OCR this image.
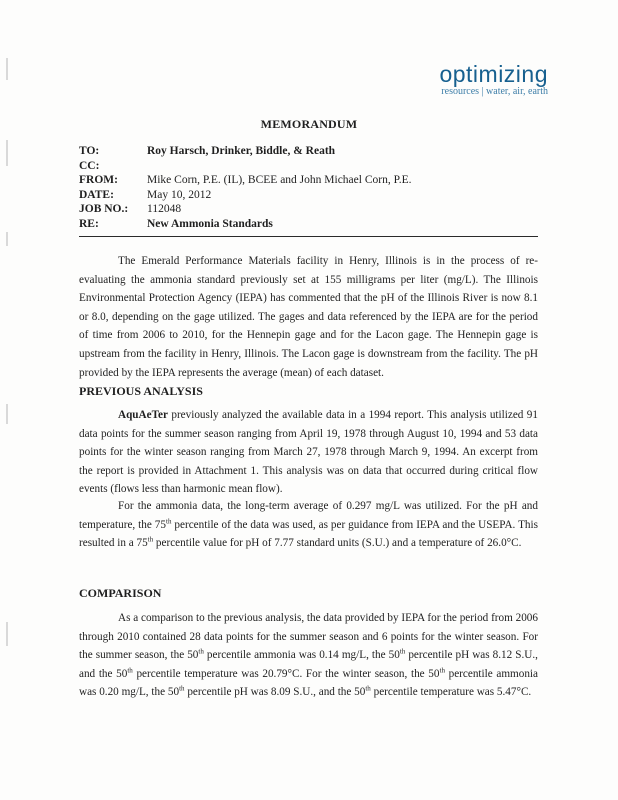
optimizing
resources | water, air, earth
MEMORANDUM
TO:	Roy Harsch, Drinker, Biddle, & Reath
CC:	
FROM:	Mike Corn, P.E. (IL), BCEE and John Michael Corn, P.E.
DATE:	May 10, 2012
JOB NO.:	112048
RE:	New Ammonia Standards

The Emerald Performance Materials facility in Henry, Illinois is in the process of re-evaluating the ammonia standard previously set at 155 milligrams per liter (mg/L). The Illinois Environmental Protection Agency (IEPA) has commented that the pH of the Illinois River is now 8.1 or 8.0, depending on the gage utilized. The gages and data referenced by the IEPA are for the period of time from 2006 to 2010, for the Hennepin gage and for the Lacon gage. The Hennepin gage is upstream from the facility in Henry, Illinois. The Lacon gage is downstream from the facility. The pH provided by the IEPA represents the average (mean) of each dataset.

PREVIOUS ANALYSIS

AquAeTer previously analyzed the available data in a 1994 report. This analysis utilized 91 data points for the summer season ranging from April 19, 1978 through August 10, 1994 and 53 data points for the winter season ranging from March 27, 1978 through March 9, 1994. An excerpt from the report is provided in Attachment 1. This analysis was on data that occurred during critical flow events (flows less than harmonic mean flow).

For the ammonia data, the long-term average of 0.297 mg/L was utilized. For the pH and temperature, the 75th percentile of the data was used, as per guidance from IEPA and the USEPA. This resulted in a 75th percentile value for pH of 7.77 standard units (S.U.) and a temperature of 26.0°C.

COMPARISON

As a comparison to the previous analysis, the data provided by IEPA for the period from 2006 through 2010 contained 28 data points for the summer season and 6 points for the winter season. For the summer season, the 50th percentile ammonia was 0.14 mg/L, the 50th percentile pH was 8.12 S.U., and the 50th percentile temperature was 20.79°C. For the winter season, the 50th percentile ammonia was 0.20 mg/L, the 50th percentile pH was 8.09 S.U., and the 50th percentile temperature was 5.47°C.
